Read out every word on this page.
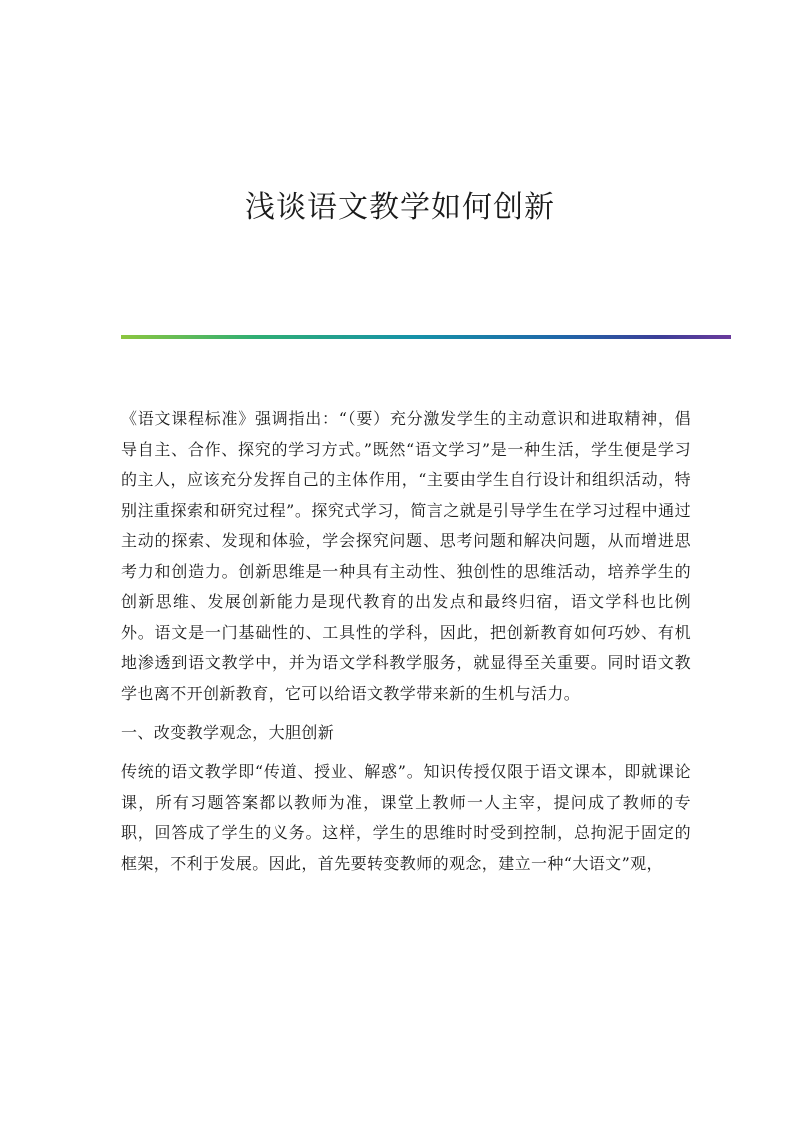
浅谈语文教学如何创新

《语文课程标准》强调指出：“（要）充分激发学生的主动意识和进取精神，倡导自主、合作、探究的学习方式。”既然“语文学习”是一种生活，学生便是学习的主人，应该充分发挥自己的主体作用，“主要由学生自行设计和组织活动，特别注重探索和研究过程”。探究式学习，简言之就是引导学生在学习过程中通过主动的探索、发现和体验，学会探究问题、思考问题和解决问题，从而增进思考力和创造力。创新思维是一种具有主动性、独创性的思维活动，培养学生的创新思维、发展创新能力是现代教育的出发点和最终归宿，语文学科也比例外。语文是一门基础性的、工具性的学科，因此，把创新教育如何巧妙、有机地渗透到语文教学中，并为语文学科教学服务，就显得至关重要。同时语文教学也离不开创新教育，它可以给语文教学带来新的生机与活力。

一、改变教学观念，大胆创新

传统的语文教学即“传道、授业、解惑”。知识传授仅限于语文课本，即就课论课，所有习题答案都以教师为准，课堂上教师一人主宰，提问成了教师的专职，回答成了学生的义务。这样，学生的思维时时受到控制，总拘泥于固定的框架，不利于发展。因此，首先要转变教师的观念，建立一种“大语文”观，
